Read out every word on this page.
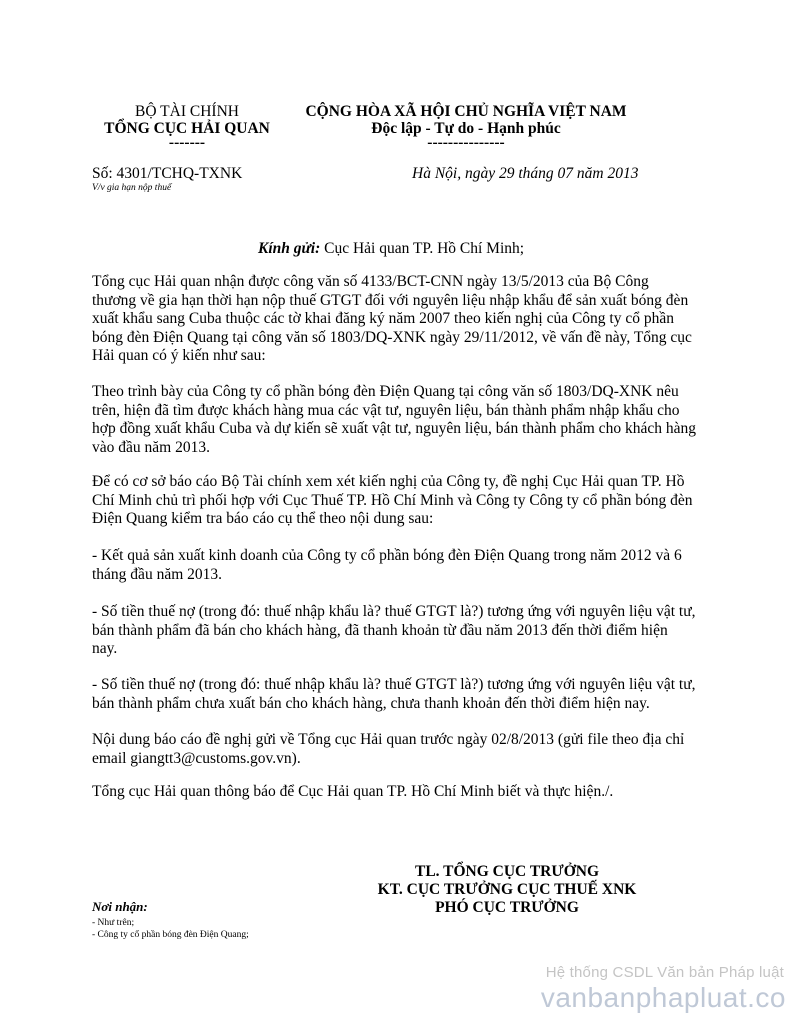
BỘ TÀI CHÍNH
TỔNG CỤC HẢI QUAN
-------
CỘNG HÒA XÃ HỘI CHỦ NGHĨA VIỆT NAM
Độc lập - Tự do - Hạnh phúc
---------------
Số: 4301/TCHQ-TXNK
V/v gia hạn nộp thuế
Hà Nội, ngày 29 tháng 07 năm 2013
Kính gửi: Cục Hải quan TP. Hồ Chí Minh;
Tổng cục Hải quan nhận được công văn số 4133/BCT-CNN ngày 13/5/2013 của Bộ Công
thương về gia hạn thời hạn nộp thuế GTGT đối với nguyên liệu nhập khẩu để sản xuất bóng đèn
xuất khẩu sang Cuba thuộc các tờ khai đăng ký năm 2007 theo kiến nghị của Công ty cổ phần
bóng đèn Điện Quang tại công văn số 1803/DQ-XNK ngày 29/11/2012, về vấn đề này, Tổng cục
Hải quan có ý kiến như sau:
Theo trình bày của Công ty cổ phần bóng đèn Điện Quang tại công văn số 1803/DQ-XNK nêu
trên, hiện đã tìm được khách hàng mua các vật tư, nguyên liệu, bán thành phẩm nhập khẩu cho
hợp đồng xuất khẩu Cuba và dự kiến sẽ xuất vật tư, nguyên liệu, bán thành phẩm cho khách hàng
vào đầu năm 2013.
Để có cơ sở báo cáo Bộ Tài chính xem xét kiến nghị của Công ty, đề nghị Cục Hải quan TP. Hồ
Chí Minh chủ trì phối hợp với Cục Thuế TP. Hồ Chí Minh và Công ty Công ty cổ phần bóng đèn
Điện Quang kiểm tra báo cáo cụ thể theo nội dung sau:
- Kết quả sản xuất kinh doanh của Công ty cổ phần bóng đèn Điện Quang trong năm 2012 và 6
tháng đầu năm 2013.
- Số tiền thuế nợ (trong đó: thuế nhập khẩu là? thuế GTGT là?) tương ứng với nguyên liệu vật tư,
bán thành phẩm đã bán cho khách hàng, đã thanh khoản từ đầu năm 2013 đến thời điểm hiện
nay.
- Số tiền thuế nợ (trong đó: thuế nhập khẩu là? thuế GTGT là?) tương ứng với nguyên liệu vật tư,
bán thành phẩm chưa xuất bán cho khách hàng, chưa thanh khoản đến thời điểm hiện nay.
Nội dung báo cáo đề nghị gửi về Tổng cục Hải quan trước ngày 02/8/2013 (gửi file theo địa chỉ
email giangtt3@customs.gov.vn).
Tổng cục Hải quan thông báo để Cục Hải quan TP. Hồ Chí Minh biết và thực hiện./.
TL. TỔNG CỤC TRƯỞNG
KT. CỤC TRƯỞNG CỤC THUẾ XNK
PHÓ CỤC TRƯỞNG
Nơi nhận:
- Như trên;
- Công ty cổ phần bóng đèn Điện Quang;
Hệ thống CSDL Văn bản Pháp luật
vanbanphapluat.co
